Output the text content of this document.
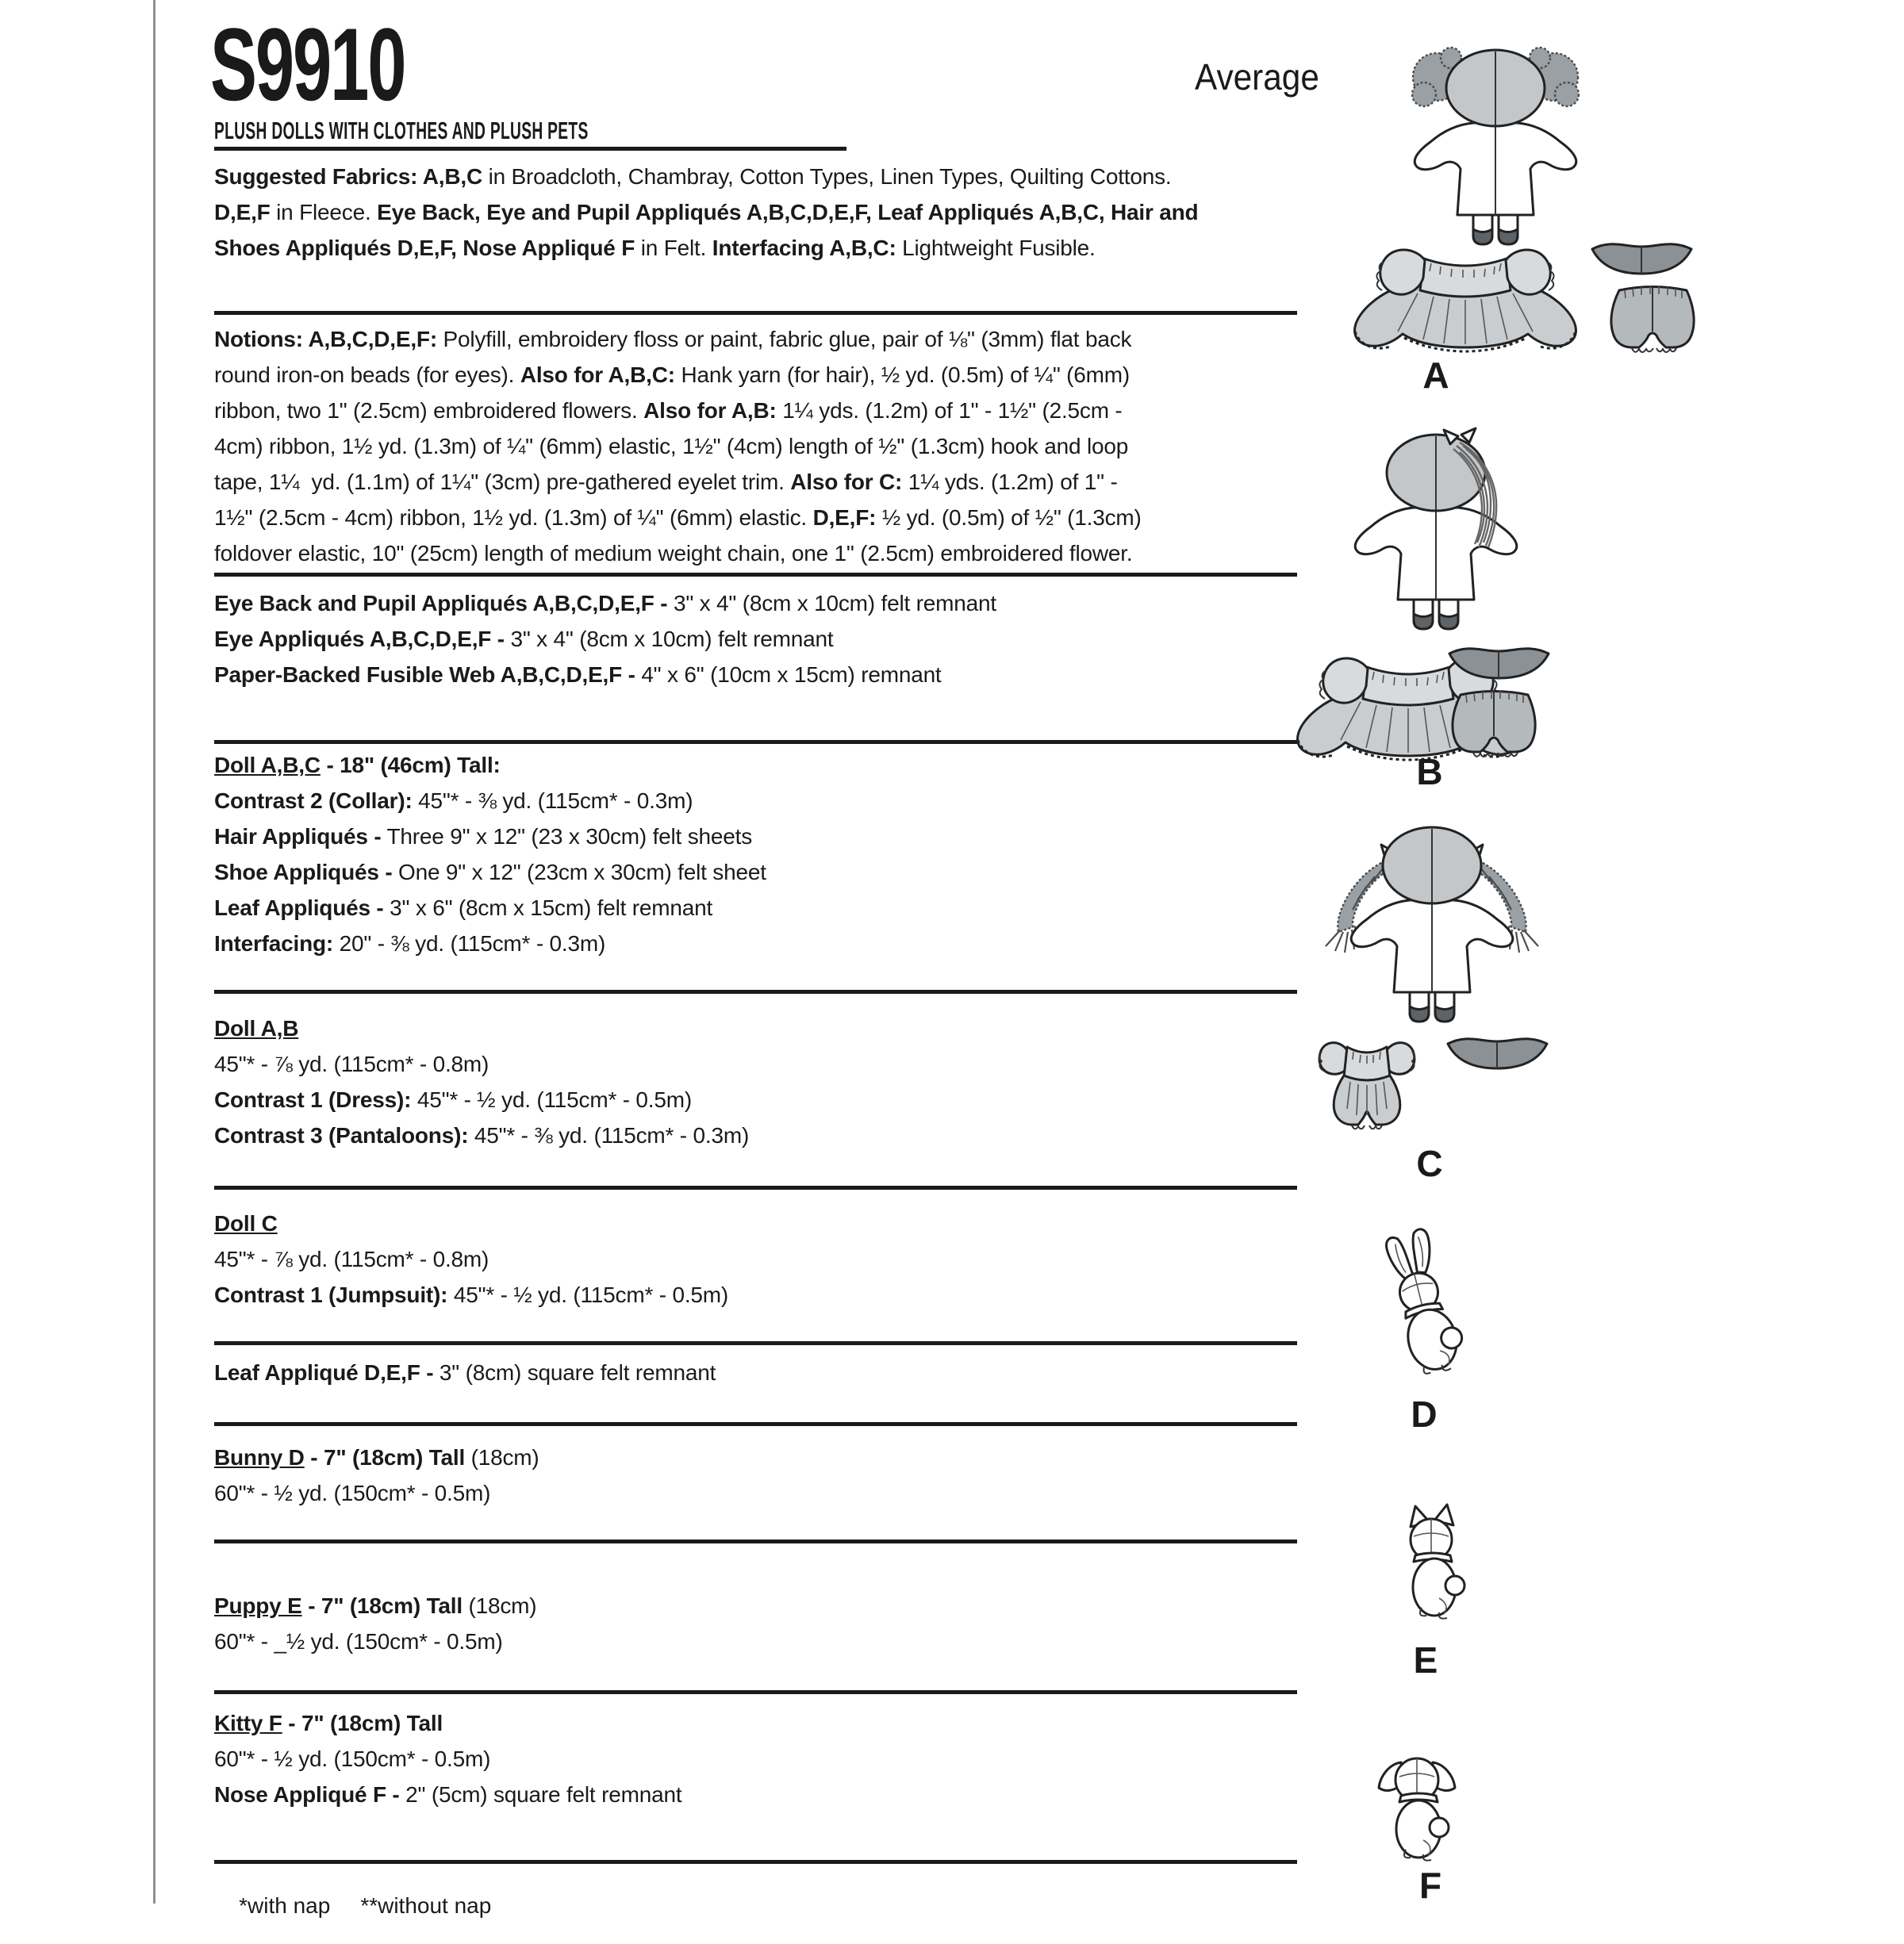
S9910	Average
PLUSH DOLLS WITH CLOTHES AND PLUSH PETS
Suggested Fabrics: A,B,C in Broadcloth, Chambray, Cotton Types, Linen Types, Quilting Cottons.
D,E,F in Fleece. Eye Back, Eye and Pupil Appliqués A,B,C,D,E,F, Leaf Appliqués A,B,C, Hair and
Shoes Appliqués D,E,F, Nose Appliqué F in Felt. Interfacing A,B,C: Lightweight Fusible.
Notions: A,B,C,D,E,F: Polyfill, embroidery floss or paint, fabric glue, pair of ⅛" (3mm) flat back
round iron-on beads (for eyes). Also for A,B,C: Hank yarn (for hair), ½ yd. (0.5m) of ¼" (6mm)
ribbon, two 1" (2.5cm) embroidered flowers. Also for A,B: 1¼ yds. (1.2m) of 1" - 1½" (2.5cm -
4cm) ribbon, 1½ yd. (1.3m) of ¼" (6mm) elastic, 1½" (4cm) length of ½" (1.3cm) hook and loop
tape, 1¼  yd. (1.1m) of 1¼" (3cm) pre-gathered eyelet trim. Also for C: 1¼ yds. (1.2m) of 1" -
1½" (2.5cm - 4cm) ribbon, 1½ yd. (1.3m) of ¼" (6mm) elastic. D,E,F: ½ yd. (0.5m) of ½" (1.3cm)
foldover elastic, 10" (25cm) length of medium weight chain, one 1" (2.5cm) embroidered flower.
Eye Back and Pupil Appliqués A,B,C,D,E,F - 3" x 4" (8cm x 10cm) felt remnant
Eye Appliqués A,B,C,D,E,F - 3" x 4" (8cm x 10cm) felt remnant
Paper-Backed Fusible Web A,B,C,D,E,F - 4" x 6" (10cm x 15cm) remnant
Doll A,B,C - 18" (46cm) Tall:
Contrast 2 (Collar): 45"* - ⅜ yd. (115cm* - 0.3m)
Hair Appliqués - Three 9" x 12" (23 x 30cm) felt sheets
Shoe Appliqués - One 9" x 12" (23cm x 30cm) felt sheet
Leaf Appliqués - 3" x 6" (8cm x 15cm) felt remnant
Interfacing: 20" - ⅜ yd. (115cm* - 0.3m)
Doll A,B
45"* - ⅞ yd. (115cm* - 0.8m)
Contrast 1 (Dress): 45"* - ½ yd. (115cm* - 0.5m)
Contrast 3 (Pantaloons): 45"* - ⅜ yd. (115cm* - 0.3m)
Doll C
45"* - ⅞ yd. (115cm* - 0.8m)
Contrast 1 (Jumpsuit): 45"* - ½ yd. (115cm* - 0.5m)
Leaf Appliqué D,E,F - 3" (8cm) square felt remnant
Bunny D - 7" (18cm) Tall (18cm)
60"* - ½ yd. (150cm* - 0.5m)
Puppy E - 7" (18cm) Tall (18cm)
60"* - _½ yd. (150cm* - 0.5m)
Kitty F - 7" (18cm) Tall
60"* - ½ yd. (150cm* - 0.5m)
Nose Appliqué F - 2" (5cm) square felt remnant

*with nap **without nap

A
B
C
D
E
F
